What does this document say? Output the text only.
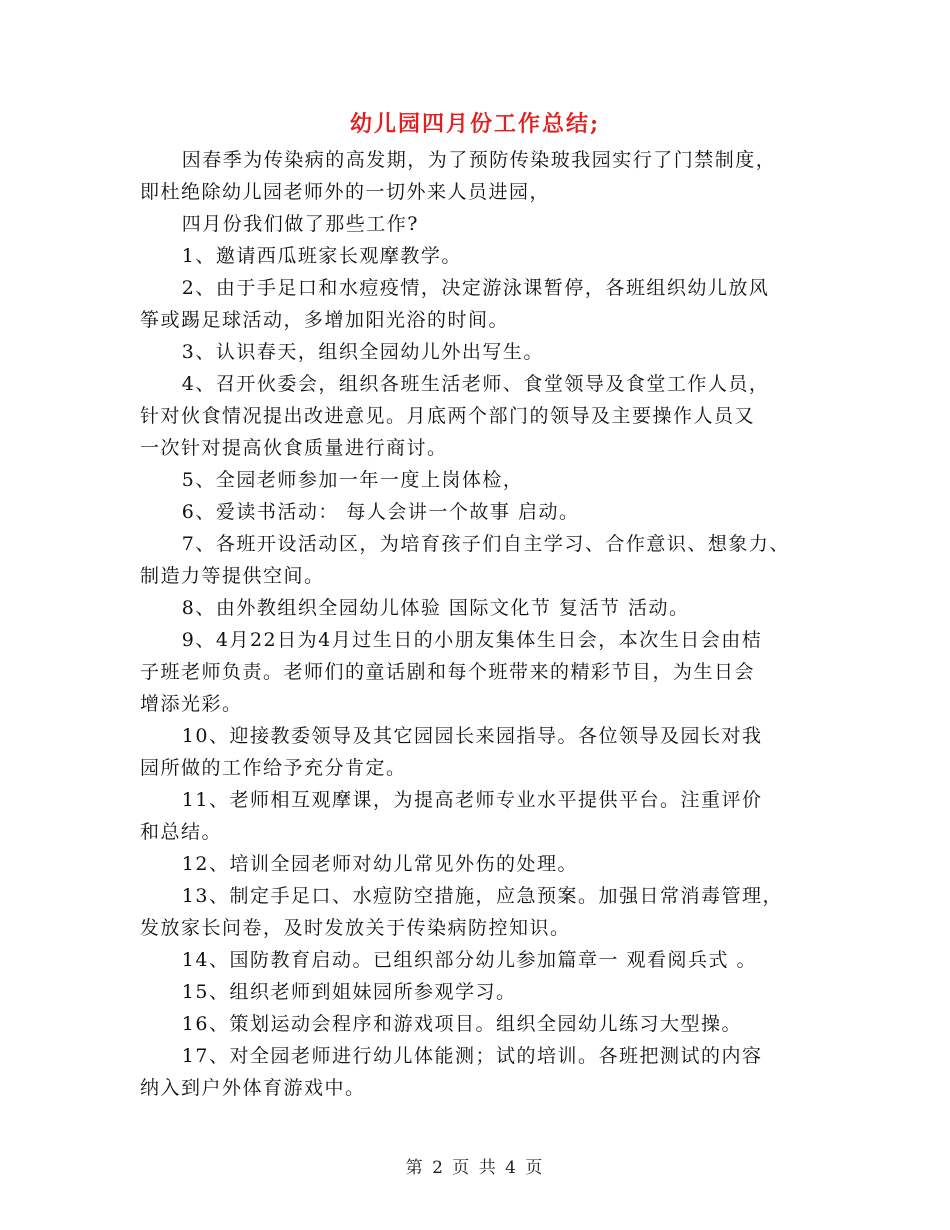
幼儿园四月份工作总结;

因春季为传染病的高发期，为了预防传染玻我园实行了门禁制度，
即杜绝除幼儿园老师外的一切外来人员进园，

四月份我们做了那些工作?

1、邀请西瓜班家长观摩教学。

2、由于手足口和水痘疫情，决定游泳课暂停，各班组织幼儿放风
筝或踢足球活动，多增加阳光浴的时间。

3、认识春天，组织全园幼儿外出写生。

4、召开伙委会，组织各班生活老师、食堂领导及食堂工作人员，
针对伙食情况提出改进意见。月底两个部门的领导及主要操作人员又
一次针对提高伙食质量进行商讨。

5、全园老师参加一年一度上岗体检，

6、爱读书活动： 每人会讲一个故事 启动。

7、各班开设活动区，为培育孩子们自主学习、合作意识、想象力、
制造力等提供空间。

8、由外教组织全园幼儿体验 国际文化节 复活节 活动。

9、4月22日为4月过生日的小朋友集体生日会，本次生日会由桔
子班老师负责。老师们的童话剧和每个班带来的精彩节目，为生日会
增添光彩。

10、迎接教委领导及其它园园长来园指导。各位领导及园长对我
园所做的工作给予充分肯定。

11、老师相互观摩课，为提高老师专业水平提供平台。注重评价
和总结。

12、培训全园老师对幼儿常见外伤的处理。

13、制定手足口、水痘防空措施，应急预案。加强日常消毒管理，
发放家长问卷，及时发放关于传染病防控知识。

14、国防教育启动。已组织部分幼儿参加篇章一 观看阅兵式 。

15、组织老师到姐妹园所参观学习。

16、策划运动会程序和游戏项目。组织全园幼儿练习大型操。

17、对全园老师进行幼儿体能测；试的培训。各班把测试的内容
纳入到户外体育游戏中。

第 2 页 共 4 页
